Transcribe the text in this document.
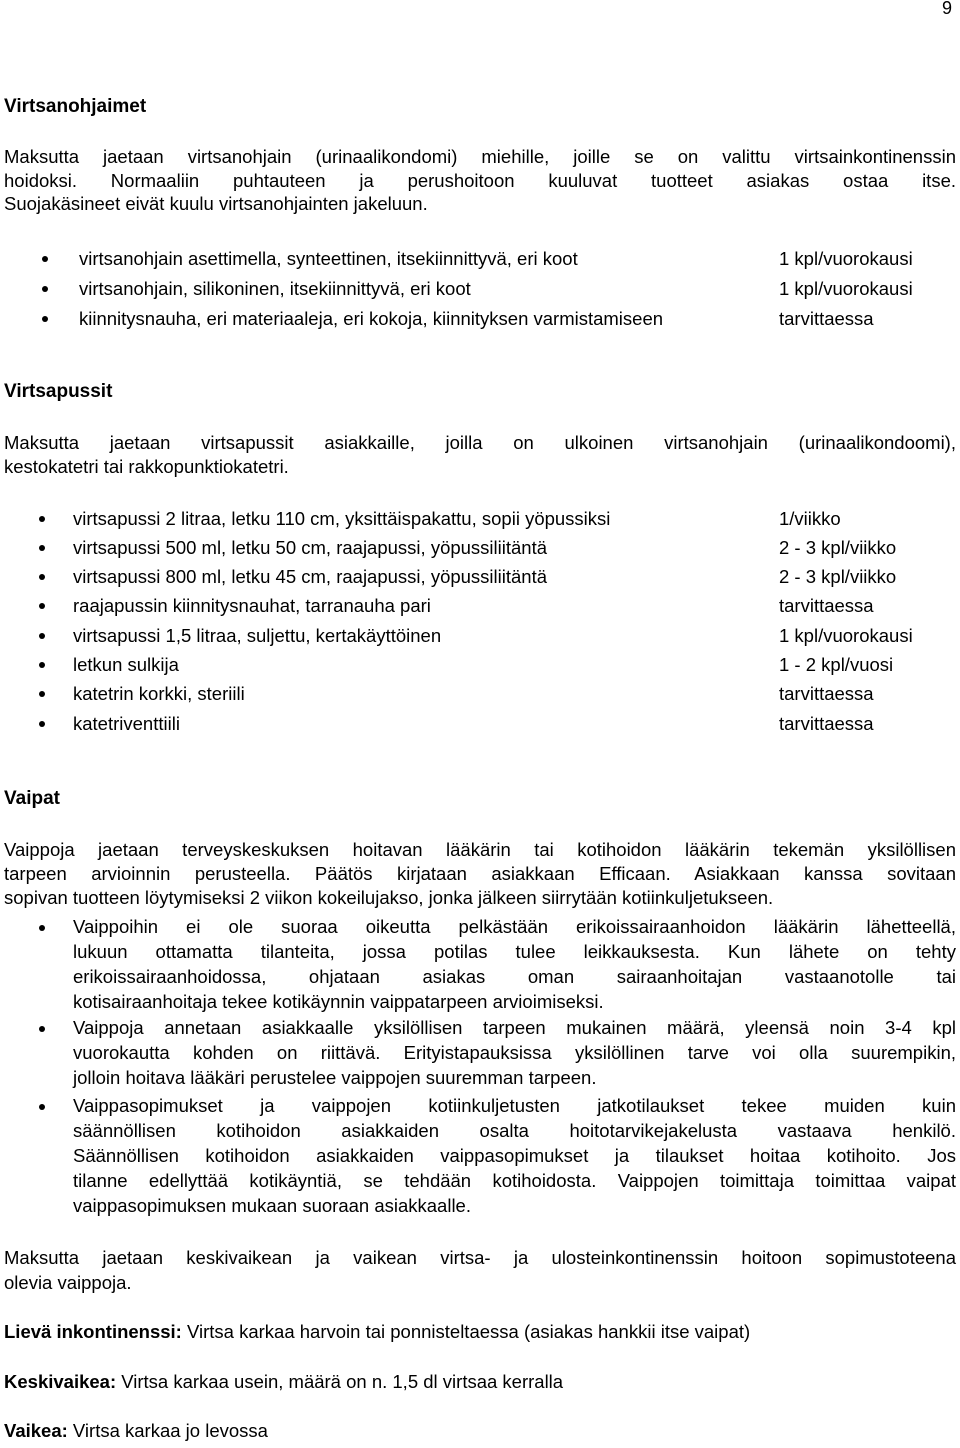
9
Virtsanohjaimet
Maksutta jaetaan virtsanohjain (urinaalikondomi) miehille, joille se on valittu virtsainkontinenssin
hoidoksi. Normaaliin puhtauteen ja perushoitoon kuuluvat tuotteet asiakas ostaa itse.
Suojakäsineet eivät kuulu virtsanohjainten jakeluun.
virtsanohjain asettimella, synteettinen, itsekiinnittyvä, eri koot	1 kpl/vuorokausi
virtsanohjain, silikoninen, itsekiinnittyvä, eri koot	1 kpl/vuorokausi
kiinnitysnauha, eri materiaaleja, eri kokoja, kiinnityksen varmistamiseen	tarvittaessa
Virtsapussit
Maksutta jaetaan virtsapussit asiakkaille, joilla on ulkoinen virtsanohjain (urinaalikondoomi),
kestokatetri tai rakkopunktiokatetri.
virtsapussi 2 litraa, letku 110 cm, yksittäispakattu, sopii yöpussiksi	1/viikko
virtsapussi 500 ml, letku 50 cm, raajapussi, yöpussiliitäntä	2 - 3 kpl/viikko
virtsapussi 800 ml, letku 45 cm, raajapussi, yöpussiliitäntä	2 - 3 kpl/viikko
raajapussin kiinnitysnauhat, tarranauha pari	tarvittaessa
virtsapussi 1,5 litraa, suljettu, kertakäyttöinen	1 kpl/vuorokausi
letkun sulkija	1 - 2 kpl/vuosi
katetrin korkki, steriili	tarvittaessa
katetriventtiili	tarvittaessa
Vaipat
Vaippoja jaetaan terveyskeskuksen hoitavan lääkärin tai kotihoidon lääkärin tekemän yksilöllisen
tarpeen arvioinnin perusteella. Päätös kirjataan asiakkaan Efficaan. Asiakkaan kanssa sovitaan
sopivan tuotteen löytymiseksi 2 viikon kokeilujakso, jonka jälkeen siirrytään kotiinkuljetukseen.
Vaippoihin ei ole suoraa oikeutta pelkästään erikoissairaanhoidon lääkärin lähetteellä,
lukuun ottamatta tilanteita, jossa potilas tulee leikkauksesta. Kun lähete on tehty
erikoissairaanhoidossa, ohjataan asiakas oman sairaanhoitajan vastaanotolle tai
kotisairaanhoitaja tekee kotikäynnin vaippatarpeen arvioimiseksi.
Vaippoja annetaan asiakkaalle yksilöllisen tarpeen mukainen määrä, yleensä noin 3-4 kpl
vuorokautta kohden on riittävä. Erityistapauksissa yksilöllinen tarve voi olla suurempikin,
jolloin hoitava lääkäri perustelee vaippojen suuremman tarpeen.
Vaippasopimukset ja vaippojen kotiinkuljetusten jatkotilaukset tekee muiden kuin
säännöllisen kotihoidon asiakkaiden osalta hoitotarvikejakelusta vastaava henkilö.
Säännöllisen kotihoidon asiakkaiden vaippasopimukset ja tilaukset hoitaa kotihoito. Jos
tilanne edellyttää kotikäyntiä, se tehdään kotihoidosta. Vaippojen toimittaja toimittaa vaipat
vaippasopimuksen mukaan suoraan asiakkaalle.
Maksutta jaetaan keskivaikean ja vaikean virtsa- ja ulosteinkontinenssin hoitoon sopimustoteena
olevia vaippoja.
Lievä inkontinenssi: Virtsa karkaa harvoin tai ponnisteltaessa (asiakas hankkii itse vaipat)
Keskivaikea: Virtsa karkaa usein, määrä on n. 1,5 dl virtsaa kerralla
Vaikea: Virtsa karkaa jo levossa
